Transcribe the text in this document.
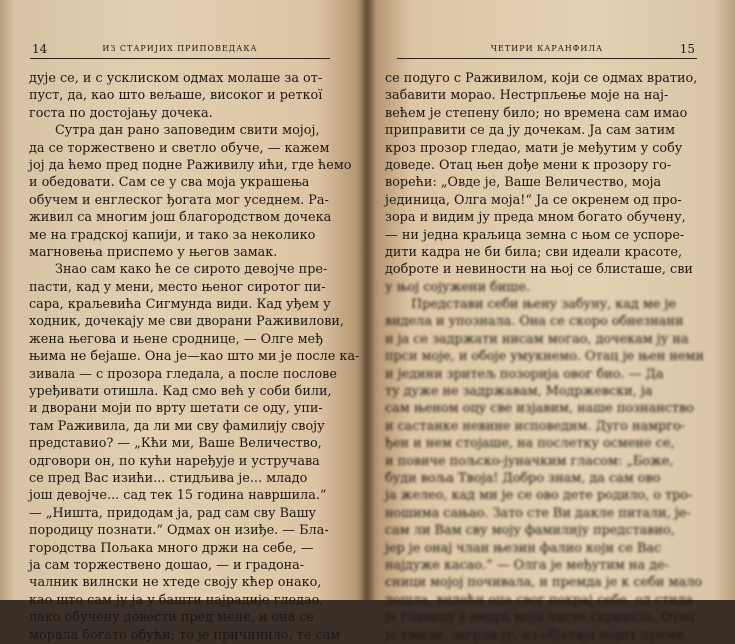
14	ИЗ СТАРИЈИХ ПРИПОВЕДАКА
дује се, и с усклиском одмах молаше за от-
пуст, да, као што вељаше, високог и реткої
госта по достојању дочека.
Сутра дан рано заповедим свити мојој,
да се торжествено и светло обуче, — кажем
јој да ћемо пред подне Раживилу ићи, где ћемо
и обедовати. Сам се у сва моја украшења
обучем и енглеског ђогата мог уседнем. Ра-
живил са многим још благородством дочека
ме на градској капији, и тако за неколико
магновења приспемо у његов замак.
Знао сам како ће се сирото девојче пре-
пасти, кад у мени, место њеног сиротог пи-
сара, краљевића Сигмунда види. Кад уђем у
ходник, дочекају ме сви дворани Раживилови,
жена његова и њене сроднице, — Олге међ
њима не бејаше. Она је—као што ми је после ка-
зивала — с прозора гледала, а после послове
уређивати отишла. Кад смо већ у соби били,
и дворани моји по врту шетати се оду, упи-
там Раживила, да ли ми сву фамилију своју
представио? — „Кћи ми, Ваше Величество,
одговори он, по кући наређује и устручава
се пред Вас изићи... стидљива је... младо
још девојче... сад тек 15 година навршила.“
— „Ништа, придодам ја, рад сам сву Вашу
породицу познати.“ Одмах он изиђе. — Бла-
городства Пољака много држи на себе, —
ја сам торжествено дошао, — и градона-
чалник вилнски не хтеде своју кћер онако,
као што сам ју ја у башти најрадије гледао,
лако обучену довести пред мене, и она се
морала богато обући; то је причинило, те сам
ЧЕТИРИ КАРАНФИЛА	15
се подуго с Раживилом, који се одмах вратио,
забавити морао. Нестрпљење моје на нај-
већем је степену било; но времена сам имао
приправити се да ју дочекам. Ја сам затим
кроз прозор гледао, мати је међутим у собу
доведе. Отац њен дође мени к прозору го-
ворећи: „Овде је, Ваше Величество, моја
јединица, Олга моја!“ Ја се окренем од про-
зора и видим ју преда мном богато обучену,
— ни једна краљица земна с њом се успоре-
дити кадра не би била; сви идеали красоте,
доброте и невиности на њој се блисташе, сви
у њој сојужени бише.
Представи себи њену забуну, кад ме је
видела и упознала. Она се скоро обнезнани
и ја се задржати нисам могао, дочекам ју на
прси моје, и обоје умукнемо. Отац је њен неми
и једини зритељ позорија овог био. — Да
ту дуже не задржавам, Модржевски, ја
сам њеном оцу све изјавим, наше познанство
и састанке невине исповедим. Дуго намрго-
ђен и нем стојаше, на послетку осмене се,
и повиче пољско-јуначким гласом: „Боже,
буди воља Твоја! Добро знам, да сам ово
ја желео, кад ми је се ово дете родило, о тро-
ношима сањао. Зато сте Ви дакле питали, је-
сам ли Вам сву моју фамилију представио,
јер је онај члан њезин фалио који се Вас
најдуже касао.“ — Олга је међутим на де-
сници мојој почивала, и премда је к себи мало
дошла, видећи оца свог покрај себе, од стида
је главицу у недра моја чисто скривала. Отац
је умили, загрли ју, из објатија мојих прими,
